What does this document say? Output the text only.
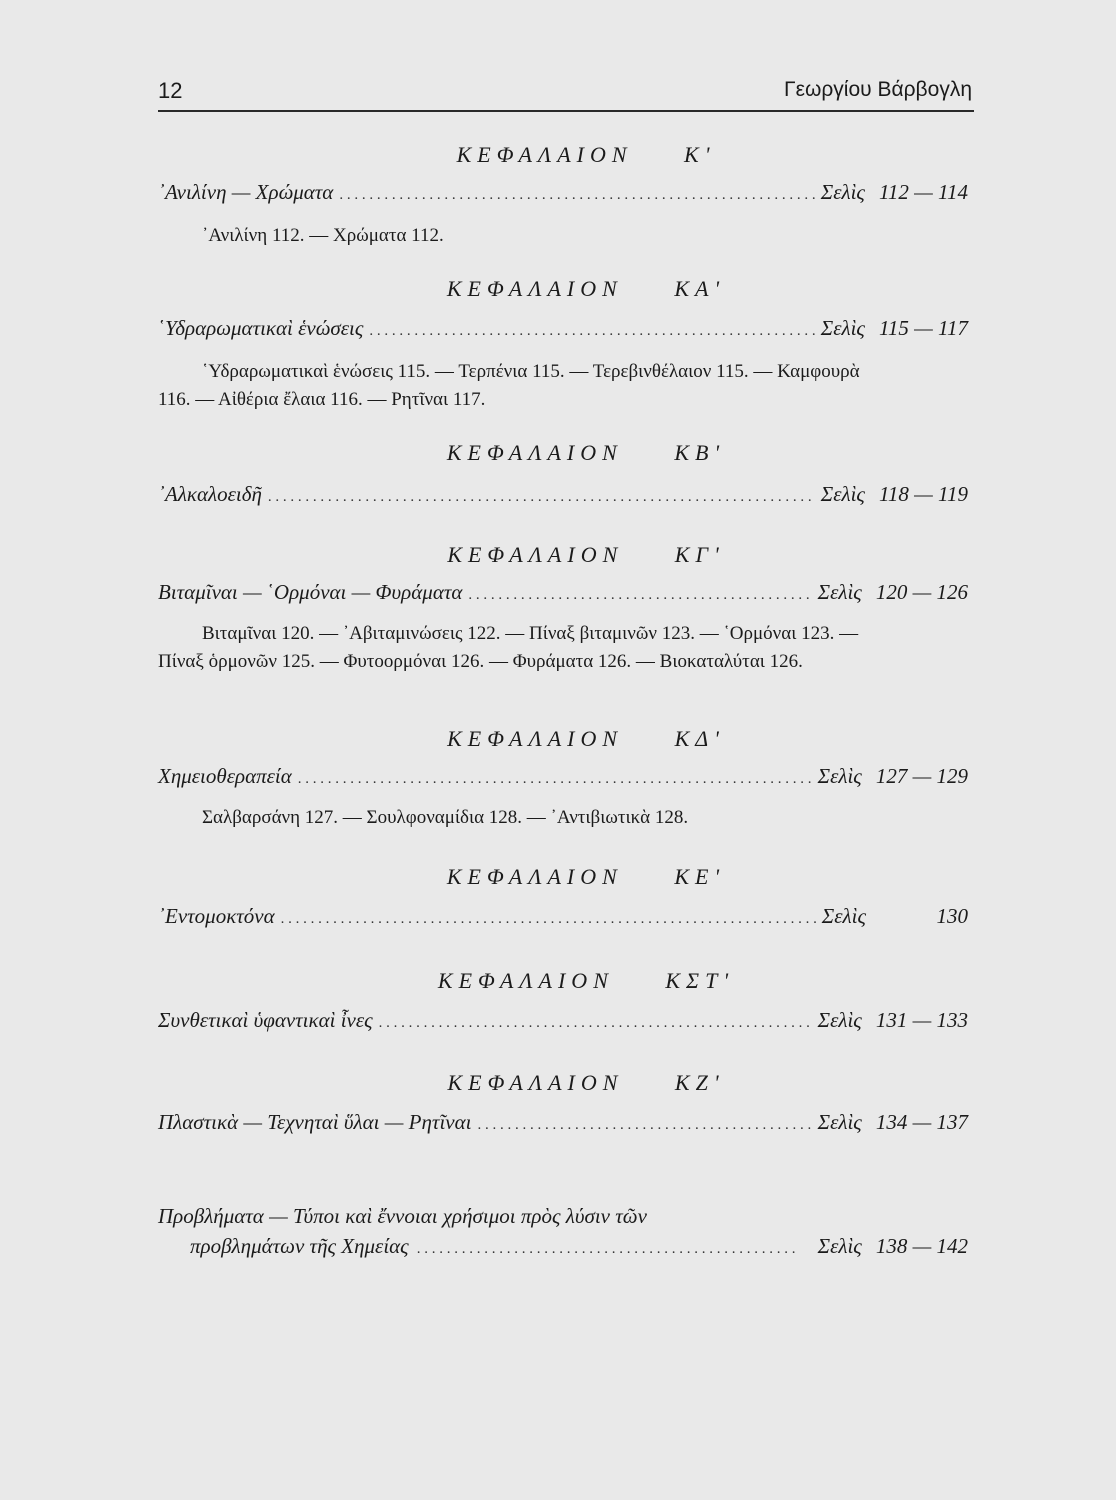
12	Γεωργίου Βάρβογλη
ΚΕΦΑΛΑΙΟΝ Κ'
᾿Ανιλίνη — Χρώματα . . .	Σελὶς 112 — 114

᾿Ανιλίνη 112. — Χρώματα 112.

ΚΕΦΑΛΑΙΟΝ ΚΑ'
῾Υδραρωματικαὶ ἑνώσεις . . .	Σελὶς 115 — 117

῾Υδραρωματικαὶ ἑνώσεις 115. — Τερπένια 115. — Τερεβινθέλαιον 115. — Καμφουρὰ 116. — Αἰθέρια ἔλαια 116. — Ρητῖναι 117.

ΚΕΦΑΛΑΙΟΝ ΚΒ'
᾿Αλκαλοειδῆ . . .	Σελὶς 118 — 119
ΚΕΦΑΛΑΙΟΝ ΚΓ'
Βιταμῖναι — ῾Ορμόναι — Φυράματα . . .	Σελὶς 120 — 126

Βιταμῖναι 120. — ᾿Αβιταμινώσεις 122. — Πίναξ βιταμινῶν 123. — ῾Ορμόναι 123. — Πίναξ ὁρμονῶν 125. — Φυτοορμόναι 126. — Φυράματα 126. — Βιοκαταλύται 126.

ΚΕΦΑΛΑΙΟΝ ΚΔ'
Χημειοθεραπεία . . .	Σελὶς 127 — 129

Σαλβαρσάνη 127. — Σουλφοναμίδια 128. — ᾿Αντιβιωτικὰ 128.

ΚΕΦΑΛΑΙΟΝ ΚΕ'
᾿Εντομοκτόνα . . .	Σελὶς	130
ΚΕΦΑΛΑΙΟΝ ΚΣΤ'
Συνθετικαὶ ὑφαντικαὶ ἶνες . . .	Σελὶς 131 — 133
ΚΕΦΑΛΑΙΟΝ ΚΖ'
Πλαστικὰ — Τεχνηταὶ ὕλαι — Ρητῖναι . . .	Σελὶς 134 — 137
Προβλήματα — Τύποι καὶ ἔννοιαι χρήσιμοι πρὸς λύσιν τῶν
προβλημάτων τῆς Χημείας . . .	Σελὶς 138 — 142
